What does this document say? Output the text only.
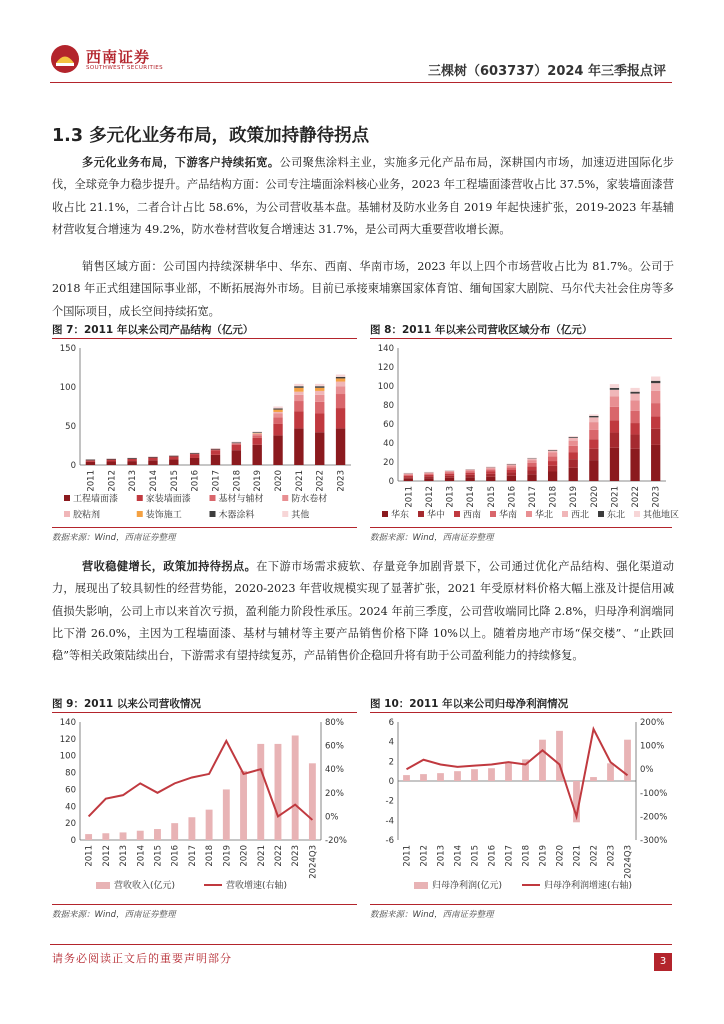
西南证券
SOUTHWEST SECURITIES	三棵树（603737）2024 年三季报点评
1.3 多元化业务布局，政策加持静待拐点
多元化业务布局，下游客户持续拓宽。公司聚焦涂料主业，实施多元化产品布局，深耕国内市场，加速迈进国际化步伐，全球竞争力稳步提升。产品结构方面：公司专注墙面涂料核心业务，2023 年工程墙面漆营收占比 37.5%，家装墙面漆营收占比 21.1%，二者合计占比 58.6%，为公司营收基本盘。基辅材及防水业务自 2019 年起快速扩张，2019-2023 年基辅材营收复合增速为 49.2%，防水卷材营收复合增速达 31.7%，是公司两大重要营收增长源。
销售区域方面：公司国内持续深耕华中、华东、西南、华南市场，2023 年以上四个市场营收占比为 81.7%。公司于 2018 年正式组建国际事业部，不断拓展海外市场。目前已承接柬埔寨国家体育馆、缅甸国家大剧院、马尔代夫社会住房等多个国际项目，成长空间持续拓宽。
图 7：2011 年以来公司产品结构（亿元）
0
50
100
150
2011 2012 2013 2014 2015 2016 2017 2018 2019 2020 2021 2022 2023
工程墙面漆	家装墙面漆	基材与辅材	防水卷材
胶粘剂	装饰施工	木器涂料	其他
数据来源：Wind，西南证券整理
图 8：2011 年以来公司营收区域分布（亿元）
0
20
40
60
80
100
120
140
2011 2012 2013 2014 2015 2016 2017 2018 2019 2020 2021 2022 2023
华东 华中 西南 华南 华北 西北 东北 其他地区
数据来源：Wind，西南证券整理
营收稳健增长，政策加持待拐点。在下游市场需求疲软、存量竞争加剧背景下，公司通过优化产品结构、强化渠道动力，展现出了较具韧性的经营势能，2020-2023 年营收规模实现了显著扩张，2021 年受原材料价格大幅上涨及计提信用减值损失影响，公司上市以来首次亏损，盈利能力阶段性承压。2024 年前三季度，公司营收端同比降 2.8%，归母净利润端同比下滑 26.0%，主因为工程墙面漆、基材与辅材等主要产品销售价格下降 10%以上。随着房地产市场“保交楼”、“止跌回稳”等相关政策陆续出台，下游需求有望持续复苏，产品销售价企稳回升将有助于公司盈利能力的持续修复。
图 9：2011 以来公司营收情况
0
20
40
60
80
100
120
140
-20%
0%
20%
40%
60%
80%
2011 2012 2013 2014 2015 2016 2017 2018 2019 2020 2021 2022 2023 2024Q3
营收收入(亿元)	营收增速(右轴)
数据来源：Wind，西南证券整理
图 10：2011 年以来公司归母净利润情况
-6
-4
-2
0
2
4
6
-300%
-200%
-100%
0%
100%
200%
2011 2012 2013 2014 2015 2016 2017 2018 2019 2020 2021 2022 2023 2024Q3
归母净利润(亿元)	归母净利润增速(右轴)
数据来源：Wind，西南证券整理
请务必阅读正文后的重要声明部分	3
